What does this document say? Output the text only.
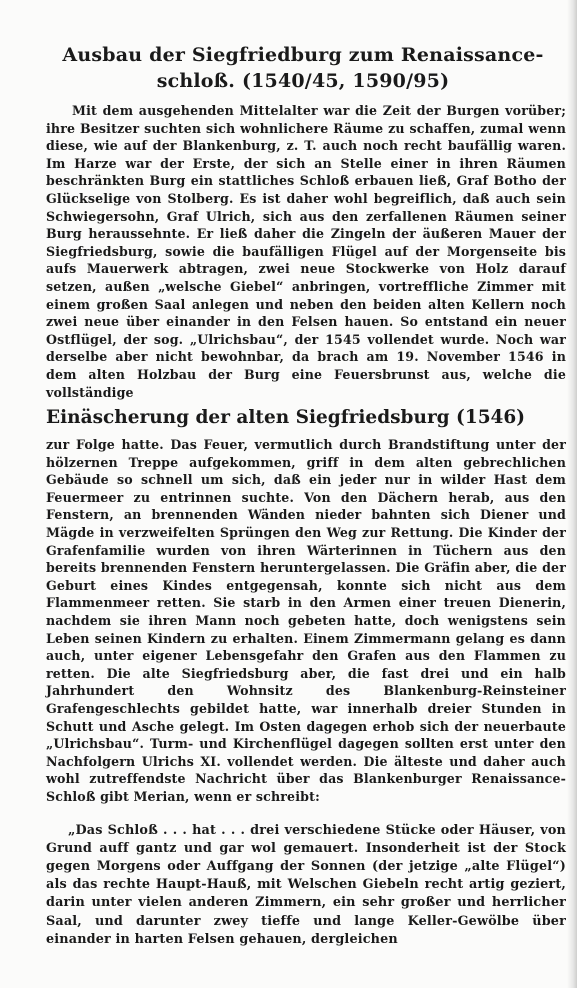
Ausbau der Siegfriedburg zum Renaissance-
schloß. (1540/45, 1590/95)

Mit dem ausgehenden Mittelalter war die Zeit der Burgen vorüber; ihre Besitzer suchten sich wohnlichere Räume zu schaffen, zumal wenn diese, wie auf der Blankenburg, z. T. auch noch recht baufällig waren. Im Harze war der Erste, der sich an Stelle einer in ihren Räumen beschränkten Burg ein stattliches Schloß erbauen ließ, Graf Botho der Glückselige von Stolberg. Es ist daher wohl begreiflich, daß auch sein Schwiegersohn, Graf Ulrich, sich aus den zerfallenen Räumen seiner Burg heraussehnte. Er ließ daher die Zingeln der äußeren Mauer der Siegfriedsburg, sowie die baufälligen Flügel auf der Morgenseite bis aufs Mauerwerk abtragen, zwei neue Stockwerke von Holz darauf setzen, außen „welsche Giebel“ anbringen, vortreffliche Zimmer mit einem großen Saal anlegen und neben den beiden alten Kellern noch zwei neue über einander in den Felsen hauen. So entstand ein neuer Ostflügel, der sog. „Ulrichsbau“, der 1545 vollendet wurde. Noch war derselbe aber nicht bewohnbar, da brach am 19. November 1546 in dem alten Holzbau der Burg eine Feuersbrunst aus, welche die vollständige

Einäscherung der alten Siegfriedsburg (1546)

zur Folge hatte. Das Feuer, vermutlich durch Brandstiftung unter der hölzernen Treppe aufgekommen, griff in dem alten gebrechlichen Gebäude so schnell um sich, daß ein jeder nur in wilder Hast dem Feuermeer zu entrinnen suchte. Von den Dächern herab, aus den Fenstern, an brennenden Wänden nieder bahnten sich Diener und Mägde in verzweifelten Sprüngen den Weg zur Rettung. Die Kinder der Grafenfamilie wurden von ihren Wärterinnen in Tüchern aus den bereits brennenden Fenstern heruntergelassen. Die Gräfin aber, die der Geburt eines Kindes entgegensah, konnte sich nicht aus dem Flammenmeer retten. Sie starb in den Armen einer treuen Dienerin, nachdem sie ihren Mann noch gebeten hatte, doch wenigstens sein Leben seinen Kindern zu erhalten. Einem Zimmermann gelang es dann auch, unter eigener Lebensgefahr den Grafen aus den Flammen zu retten. Die alte Siegfriedsburg aber, die fast drei und ein halb Jahrhundert den Wohnsitz des Blankenburg-Reinsteiner Grafengeschlechts gebildet hatte, war innerhalb dreier Stunden in Schutt und Asche gelegt. Im Osten dagegen erhob sich der neuerbaute „Ulrichsbau“. Turm- und Kirchenflügel dagegen sollten erst unter den Nachfolgern Ulrichs XI. vollendet werden. Die älteste und daher auch wohl zutreffendste Nachricht über das Blankenburger Renaissance-Schloß gibt Merian, wenn er schreibt:

„Das Schloß . . . hat . . . drei verschiedene Stücke oder Häuser, von Grund auff gantz und gar wol gemauert. Insonderheit ist der Stock gegen Morgens oder Auffgang der Sonnen (der jetzige „alte Flügel“) als das rechte Haupt-Hauß, mit Welschen Giebeln recht artig geziert, darin unter vielen anderen Zimmern, ein sehr großer und herrlicher Saal, und darunter zwey tieffe und lange Keller-Gewölbe über einander in harten Felsen gehauen, dergleichen
